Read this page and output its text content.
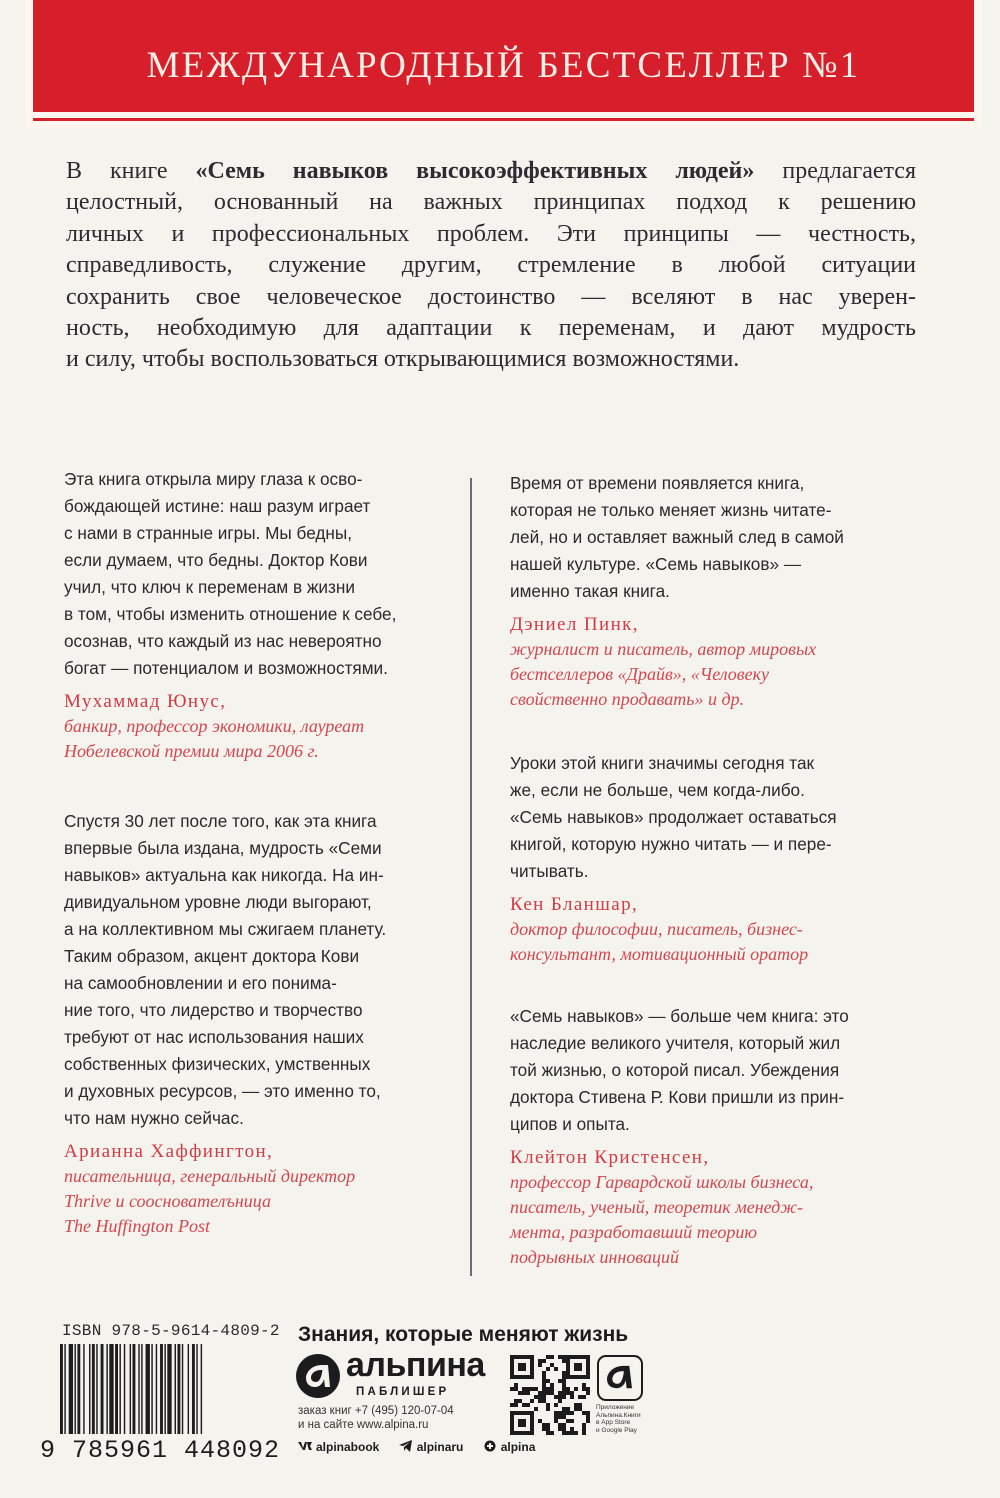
МЕЖДУНАРОДНЫЙ БЕСТСЕЛЛЕР №1
В книге «Семь навыков высокоэффективных людей» предлагается
целостный, основанный на важных принципах подход к решению
личных и профессиональных проблем. Эти принципы — честность,
справедливость, служение другим, стремление в любой ситуации
сохранить свое человеческое достоинство — вселяют в нас уверен-
ность, необходимую для адаптации к переменам, и дают мудрость
и силу, чтобы воспользоваться открывающимися возможностями.
Эта книга открыла миру глаза к осво-
бождающей истине: наш разум играет
с нами в странные игры. Мы бедны,
если думаем, что бедны. Доктор Кови
учил, что ключ к переменам в жизни
в том, чтобы изменить отношение к себе,
осознав, что каждый из нас невероятно
богат — потенциалом и возможностями.
Мухаммад Юнус,
банкир, профессор экономики, лауреат
Нобелевской премии мира 2006 г.
Спустя 30 лет после того, как эта книга
впервые была издана, мудрость «Семи
навыков» актуальна как никогда. На ин-
дивидуальном уровне люди выгорают,
а на коллективном мы сжигаем планету.
Таким образом, акцент доктора Кови
на самообновлении и его понима-
ние того, что лидерство и творчество
требуют от нас использования наших
собственных физических, умственных
и духовных ресурсов, — это именно то,
что нам нужно сейчас.
Арианна Хаффингтон,
писательница, генеральный директор
Thrive и сооснователъница
The Huffington Post
Время от времени появляется книга,
которая не только меняет жизнь читате-
лей, но и оставляет важный след в самой
нашей культуре. «Семь навыков» —
именно такая книга.
Дэниел Пинк,
журналист и писатель, автор мировых
бестселлеров «Драйв», «Человеку
свойственно продавать» и др.
Уроки этой книги значимы сегодня так
же, если не больше, чем когда-либо.
«Семь навыков» продолжает оставаться
книгой, которую нужно читать — и пере-
читывать.
Кен Бланшар,
доктор философии, писатель, бизнес-
консультант, мотивационный оратор
«Семь навыков» — больше чем книга: это
наследие великого учителя, который жил
той жизнью, о которой писал. Убеждения
доктора Стивена Р. Кови пришли из прин-
ципов и опыта.
Клейтон Кристенсен,
профессор Гарвардской школы бизнеса,
писатель, ученый, теоретик менедж-
мента, разработавший теорию
подрывных инноваций
ISBN 978-5-9614-4809-2
9 785961 448092
Знания, которые меняют жизнь
альпина
ПАБЛИШЕР
заказ книг +7 (495) 120-07-04
и на сайте www.alpina.ru
alpinabook	alpinaru	alpina
Приложение
Альпина.Книги
в App Store
и Google Play
